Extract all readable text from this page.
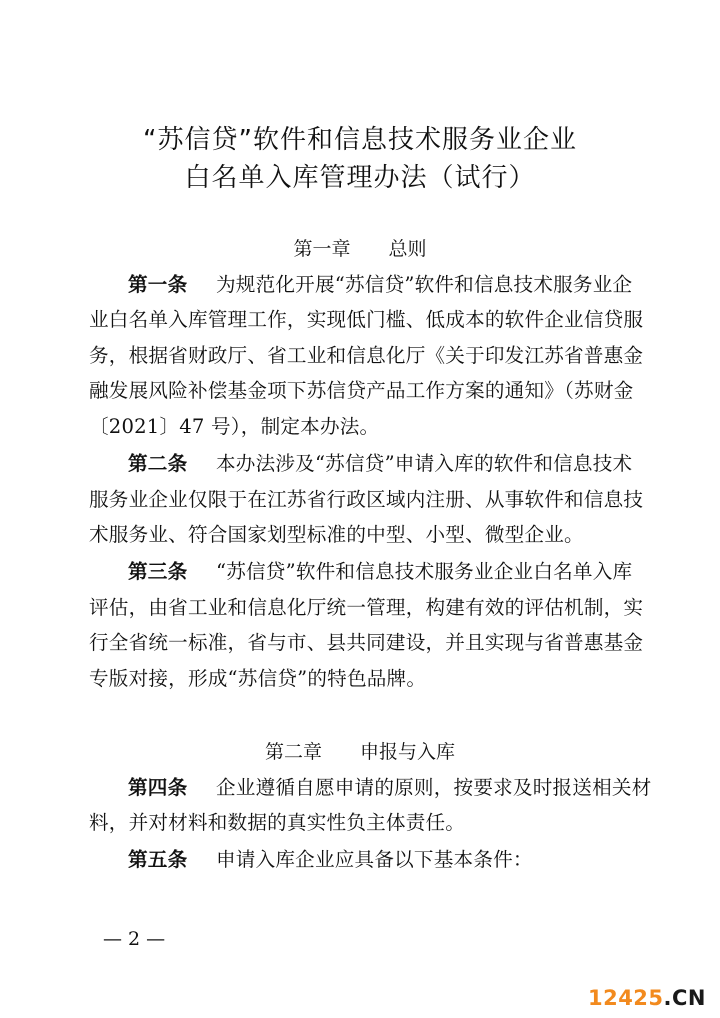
“苏信贷”软件和信息技术服务业企业
白名单入库管理办法（试行）
第一章 总则
第一条 为规范化开展“苏信贷”软件和信息技术服务业企
业白名单入库管理工作，实现低门槛、低成本的软件企业信贷服
务，根据省财政厅、省工业和信息化厅《关于印发江苏省普惠金
融发展风险补偿基金项下苏信贷产品工作方案的通知》（苏财金
〔2021〕47 号），制定本办法。
第二条 本办法涉及“苏信贷”申请入库的软件和信息技术
服务业企业仅限于在江苏省行政区域内注册、从事软件和信息技
术服务业、符合国家划型标准的中型、小型、微型企业。
第三条 “苏信贷”软件和信息技术服务业企业白名单入库
评估，由省工业和信息化厅统一管理，构建有效的评估机制，实
行全省统一标准，省与市、县共同建设，并且实现与省普惠基金
专版对接，形成“苏信贷”的特色品牌。
第二章 申报与入库
第四条 企业遵循自愿申请的原则，按要求及时报送相关材
料，并对材料和数据的真实性负主体责任。
第五条 申请入库企业应具备以下基本条件：
— 2 —
12425.CN
